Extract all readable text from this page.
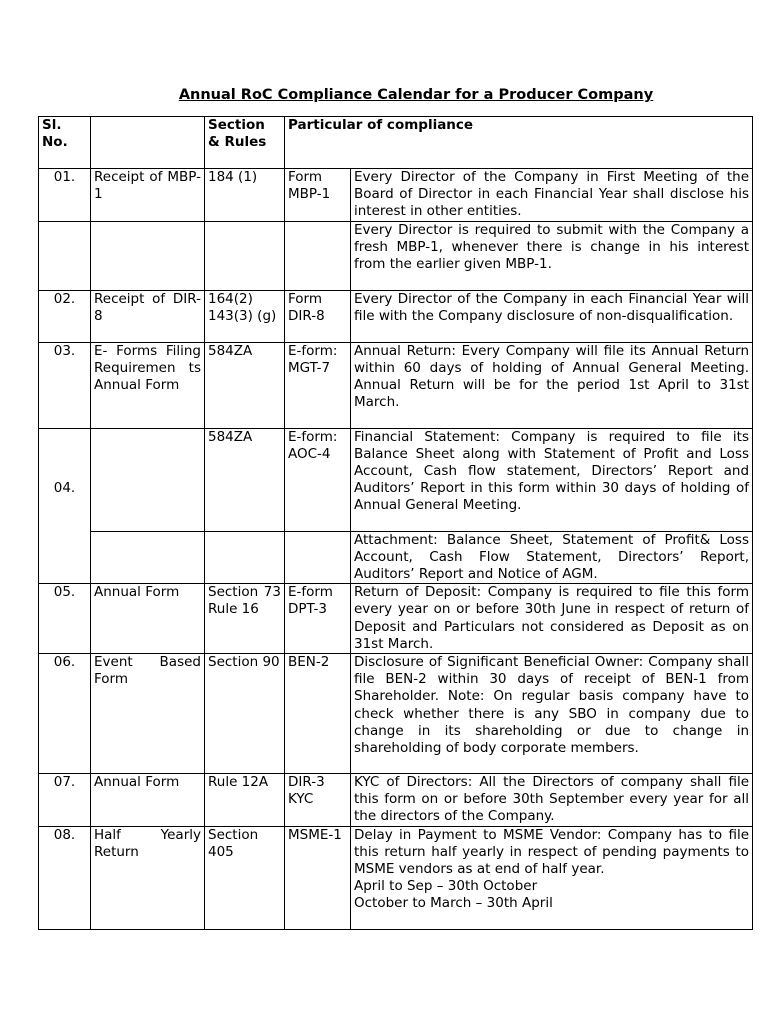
Annual RoC Compliance Calendar for a Producer Company
Sl. No.		Section & Rules	Particular of compliance	
01.	Receipt of MBP-1	184 (1)	Form MBP-1	Every Director of the Company in First Meeting of the Board of Director in each Financial Year shall disclose his interest in other entities.
				Every Director is required to submit with the Company a fresh MBP-1, whenever there is change in his interest from the earlier given MBP-1.
02.	Receipt of DIR-8	164(2) 143(3) (g)	Form DIR-8	Every Director of the Company in each Financial Year will file with the Company disclosure of non-disqualification.
03.	E- Forms Filing Requiremen ts Annual Form	584ZA	E-form: MGT-7	Annual Return: Every Company will file its Annual Return within 60 days of holding of Annual General Meeting. Annual Return will be for the period 1st April to 31st March.
04.		584ZA	E-form: AOC-4	Financial Statement: Company is required to file its Balance Sheet along with Statement of Profit and Loss Account, Cash flow statement, Directors’ Report and Auditors’ Report in this form within 30 days of holding of Annual General Meeting.
				Attachment: Balance Sheet, Statement of Profit& Loss Account, Cash Flow Statement, Directors’ Report, Auditors’ Report and Notice of AGM.
05.	Annual Form	Section 73 Rule 16	E-form DPT-3	Return of Deposit: Company is required to file this form every year on or before 30th June in respect of return of Deposit and Particulars not considered as Deposit as on 31st March.
06.	Event Based Form	Section 90	BEN-2	Disclosure of Significant Beneficial Owner: Company shall file BEN-2 within 30 days of receipt of BEN-1 from Shareholder. Note: On regular basis company have to check whether there is any SBO in company due to change in its shareholding or due to change in shareholding of body corporate members.
07.	Annual Form	Rule 12A	DIR-3 KYC	KYC of Directors: All the Directors of company shall file this form on or before 30th September every year for all the directors of the Company.
08.	Half Yearly Return	Section 405	MSME-1	Delay in Payment to MSME Vendor: Company has to file this return half yearly in respect of pending payments to MSME vendors as at end of half year.
April to Sep – 30th October
October to March – 30th April
